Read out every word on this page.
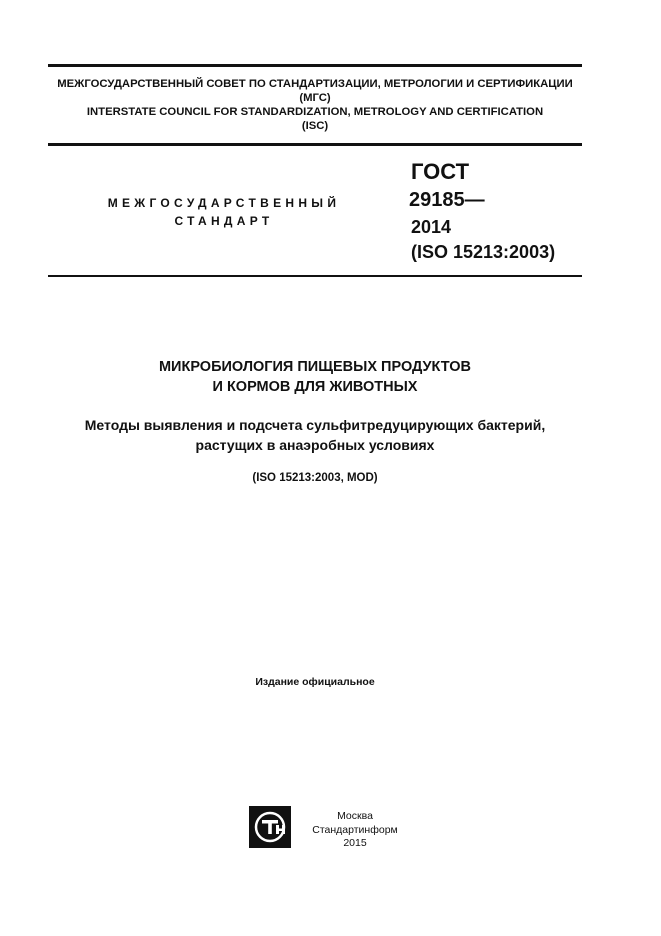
МЕЖГОСУДАРСТВЕННЫЙ СОВЕТ ПО СТАНДАРТИЗАЦИИ, МЕТРОЛОГИИ И СЕРТИФИКАЦИИ
(МГС)
INTERSTATE COUNCIL FOR STANDARDIZATION, METROLOGY AND CERTIFICATION
(ISC)
МЕЖГОСУДАРСТВЕННЫЙ
СТАНДАРТ
ГОСТ
29185—
2014
(ISO 15213:2003)
МИКРОБИОЛОГИЯ ПИЩЕВЫХ ПРОДУКТОВ
И КОРМОВ ДЛЯ ЖИВОТНЫХ
Методы выявления и подсчета сульфитредуцирующих бактерий,
растущих в анаэробных условиях
(ISO 15213:2003, MOD)
Издание официальное
Москва
Стандартинформ
2015
